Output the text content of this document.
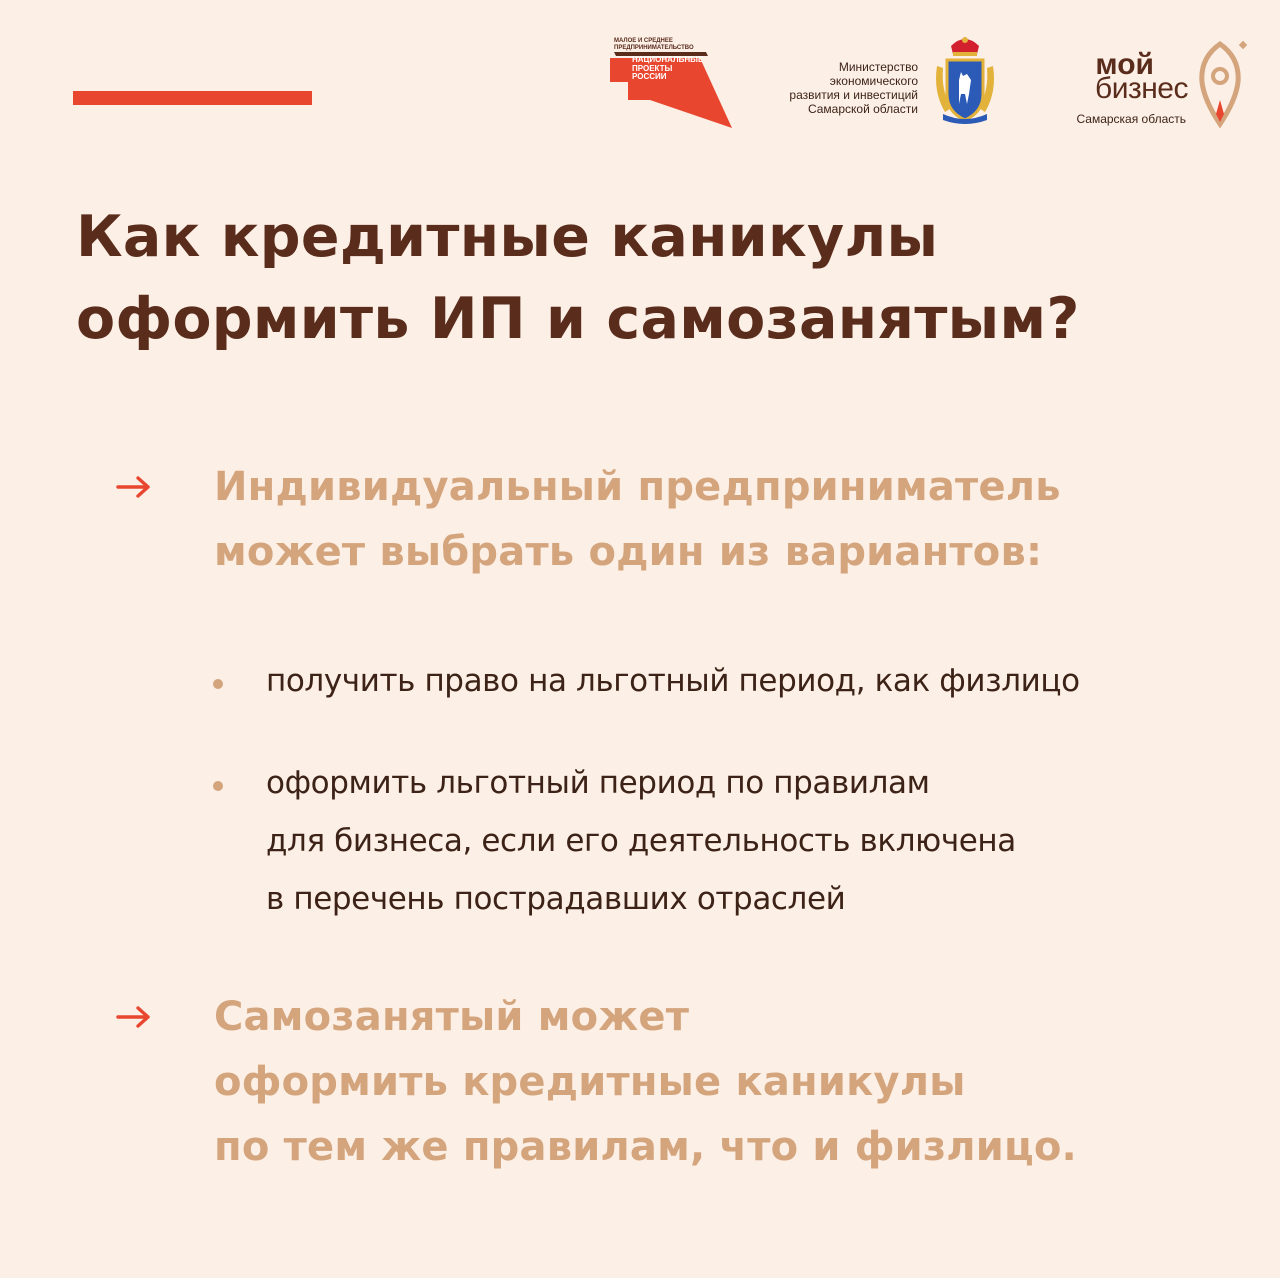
МАЛОЕ И СРЕДНЕЕ ПРЕДПРИНИМАТЕЛЬСТВО
НАЦИОНАЛЬНЫЕ ПРОЕКТЫ РОССИИ
Министерство
экономического
развития и инвестиций
Самарской области
мой
бизнес
Самарская область
Как кредитные каникулы
оформить ИП и самозанятым?
Индивидуальный предприниматель
может выбрать один из вариантов:
получить право на льготный период, как физлицо
оформить льготный период по правилам
для бизнеса, если его деятельность включена
в перечень пострадавших отраслей
Самозанятый может
оформить кредитные каникулы
по тем же правилам, что и физлицо.
